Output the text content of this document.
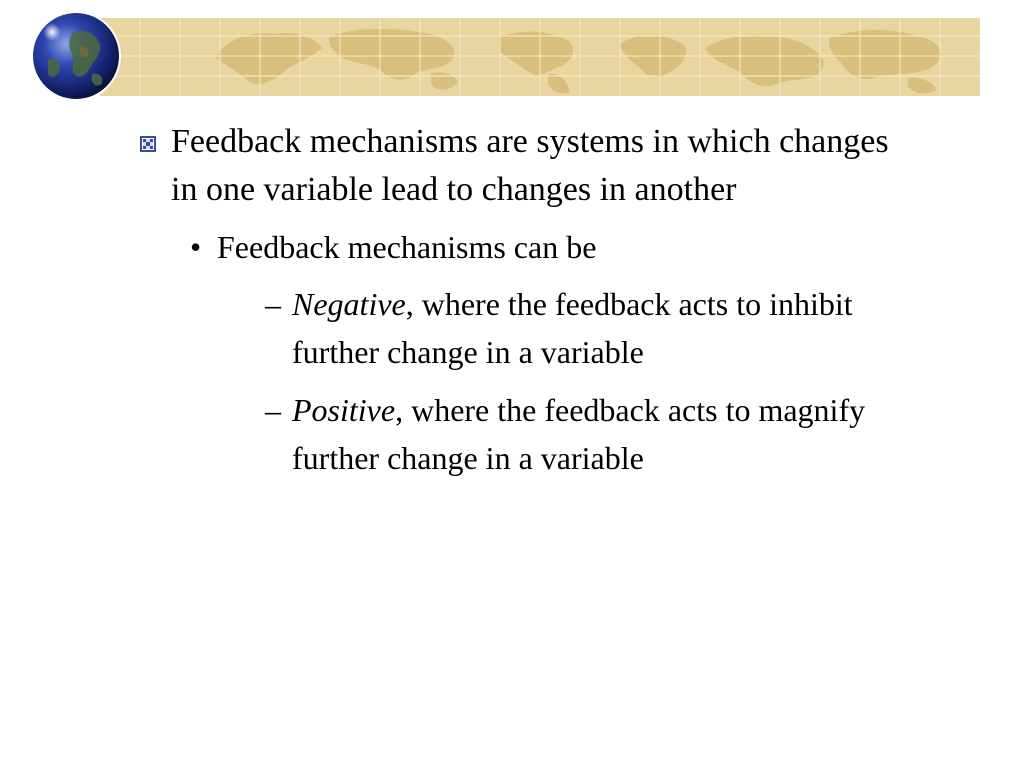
Feedback mechanisms are systems in which changes in one variable lead to changes in another
• Feedback mechanisms can be
– Negative, where the feedback acts to inhibit further change in a variable
– Positive, where the feedback acts to magnify further change in a variable
